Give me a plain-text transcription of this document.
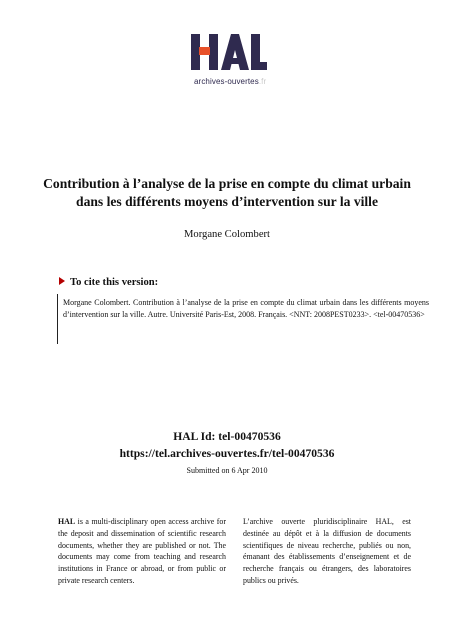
archives-ouvertes.fr
Contribution à l’analyse de la prise en compte du climat urbain dans les différents moyens d’intervention sur la ville
Morgane Colombert
To cite this version:
Morgane Colombert. Contribution à l’analyse de la prise en compte du climat urbain dans les différents moyens d’intervention sur la ville. Autre. Université Paris-Est, 2008. Français. <NNT: 2008PEST0233>. <tel-00470536>
HAL Id: tel-00470536
https://tel.archives-ouvertes.fr/tel-00470536
Submitted on 6 Apr 2010
HAL is a multi-disciplinary open access archive for the deposit and dissemination of scientific research documents, whether they are published or not. The documents may come from teaching and research institutions in France or abroad, or from public or private research centers.
L’archive ouverte pluridisciplinaire HAL, est destinée au dépôt et à la diffusion de documents scientifiques de niveau recherche, publiés ou non, émanant des établissements d’enseignement et de recherche français ou étrangers, des laboratoires publics ou privés.
